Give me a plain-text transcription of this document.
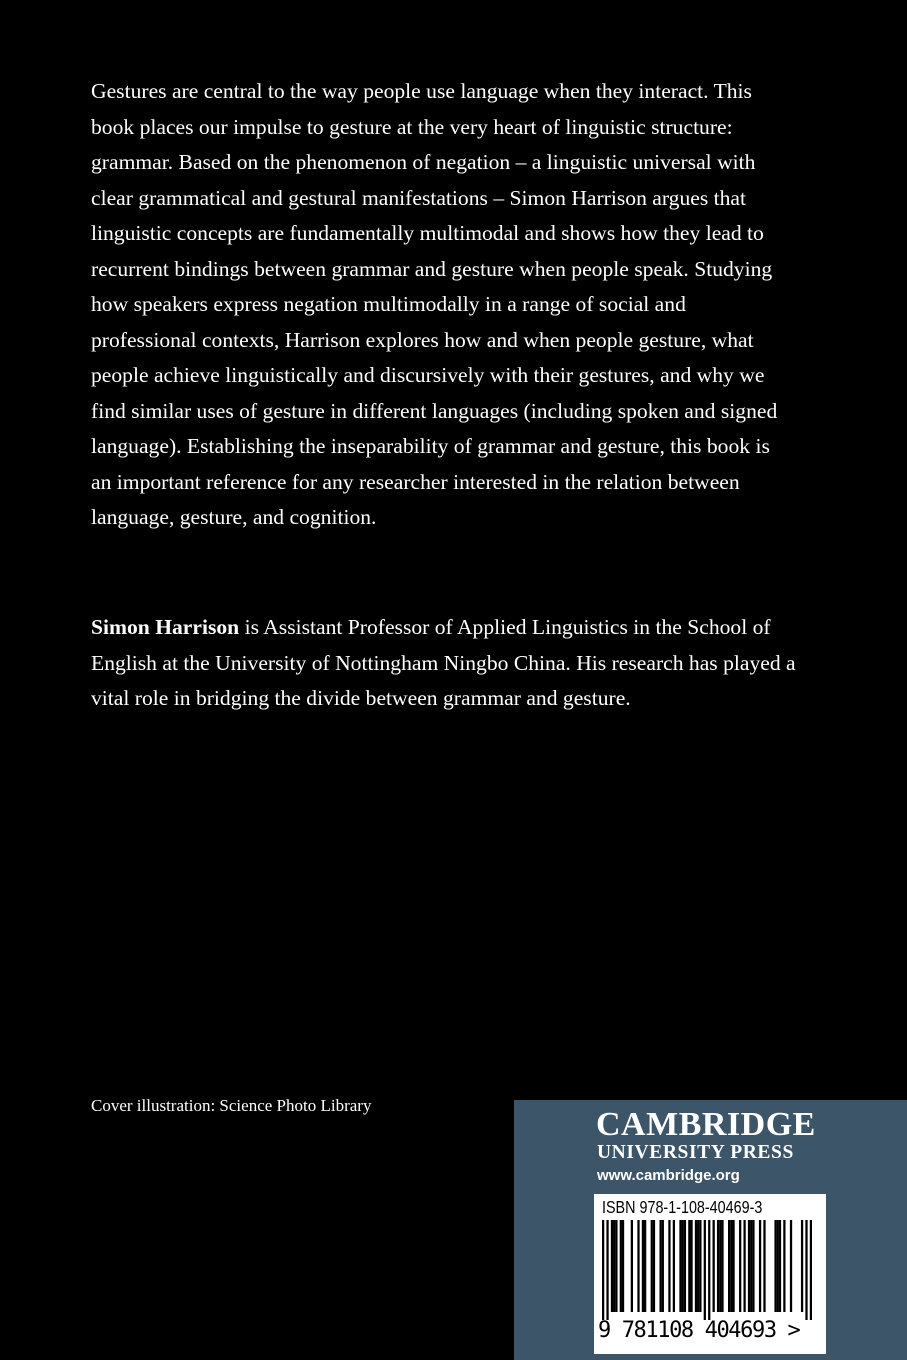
Gestures are central to the way people use language when they interact. This book places our impulse to gesture at the very heart of linguistic structure: grammar. Based on the phenomenon of negation – a linguistic universal with clear grammatical and gestural manifestations – Simon Harrison argues that linguistic concepts are fundamentally multimodal and shows how they lead to recurrent bindings between grammar and gesture when people speak. Studying how speakers express negation multimodally in a range of social and professional contexts, Harrison explores how and when people gesture, what people achieve linguistically and discursively with their gestures, and why we find similar uses of gesture in different languages (including spoken and signed language). Establishing the inseparability of grammar and gesture, this book is an important reference for any researcher interested in the relation between language, gesture, and cognition.

Simon Harrison is Assistant Professor of Applied Linguistics in the School of English at the University of Nottingham Ningbo China. His research has played a vital role in bridging the divide between grammar and gesture.
Cover illustration: Science Photo Library
CAMBRIDGE
UNIVERSITY PRESS
www.cambridge.org
ISBN 978-1-108-40469-3
9 781108 404693 >
